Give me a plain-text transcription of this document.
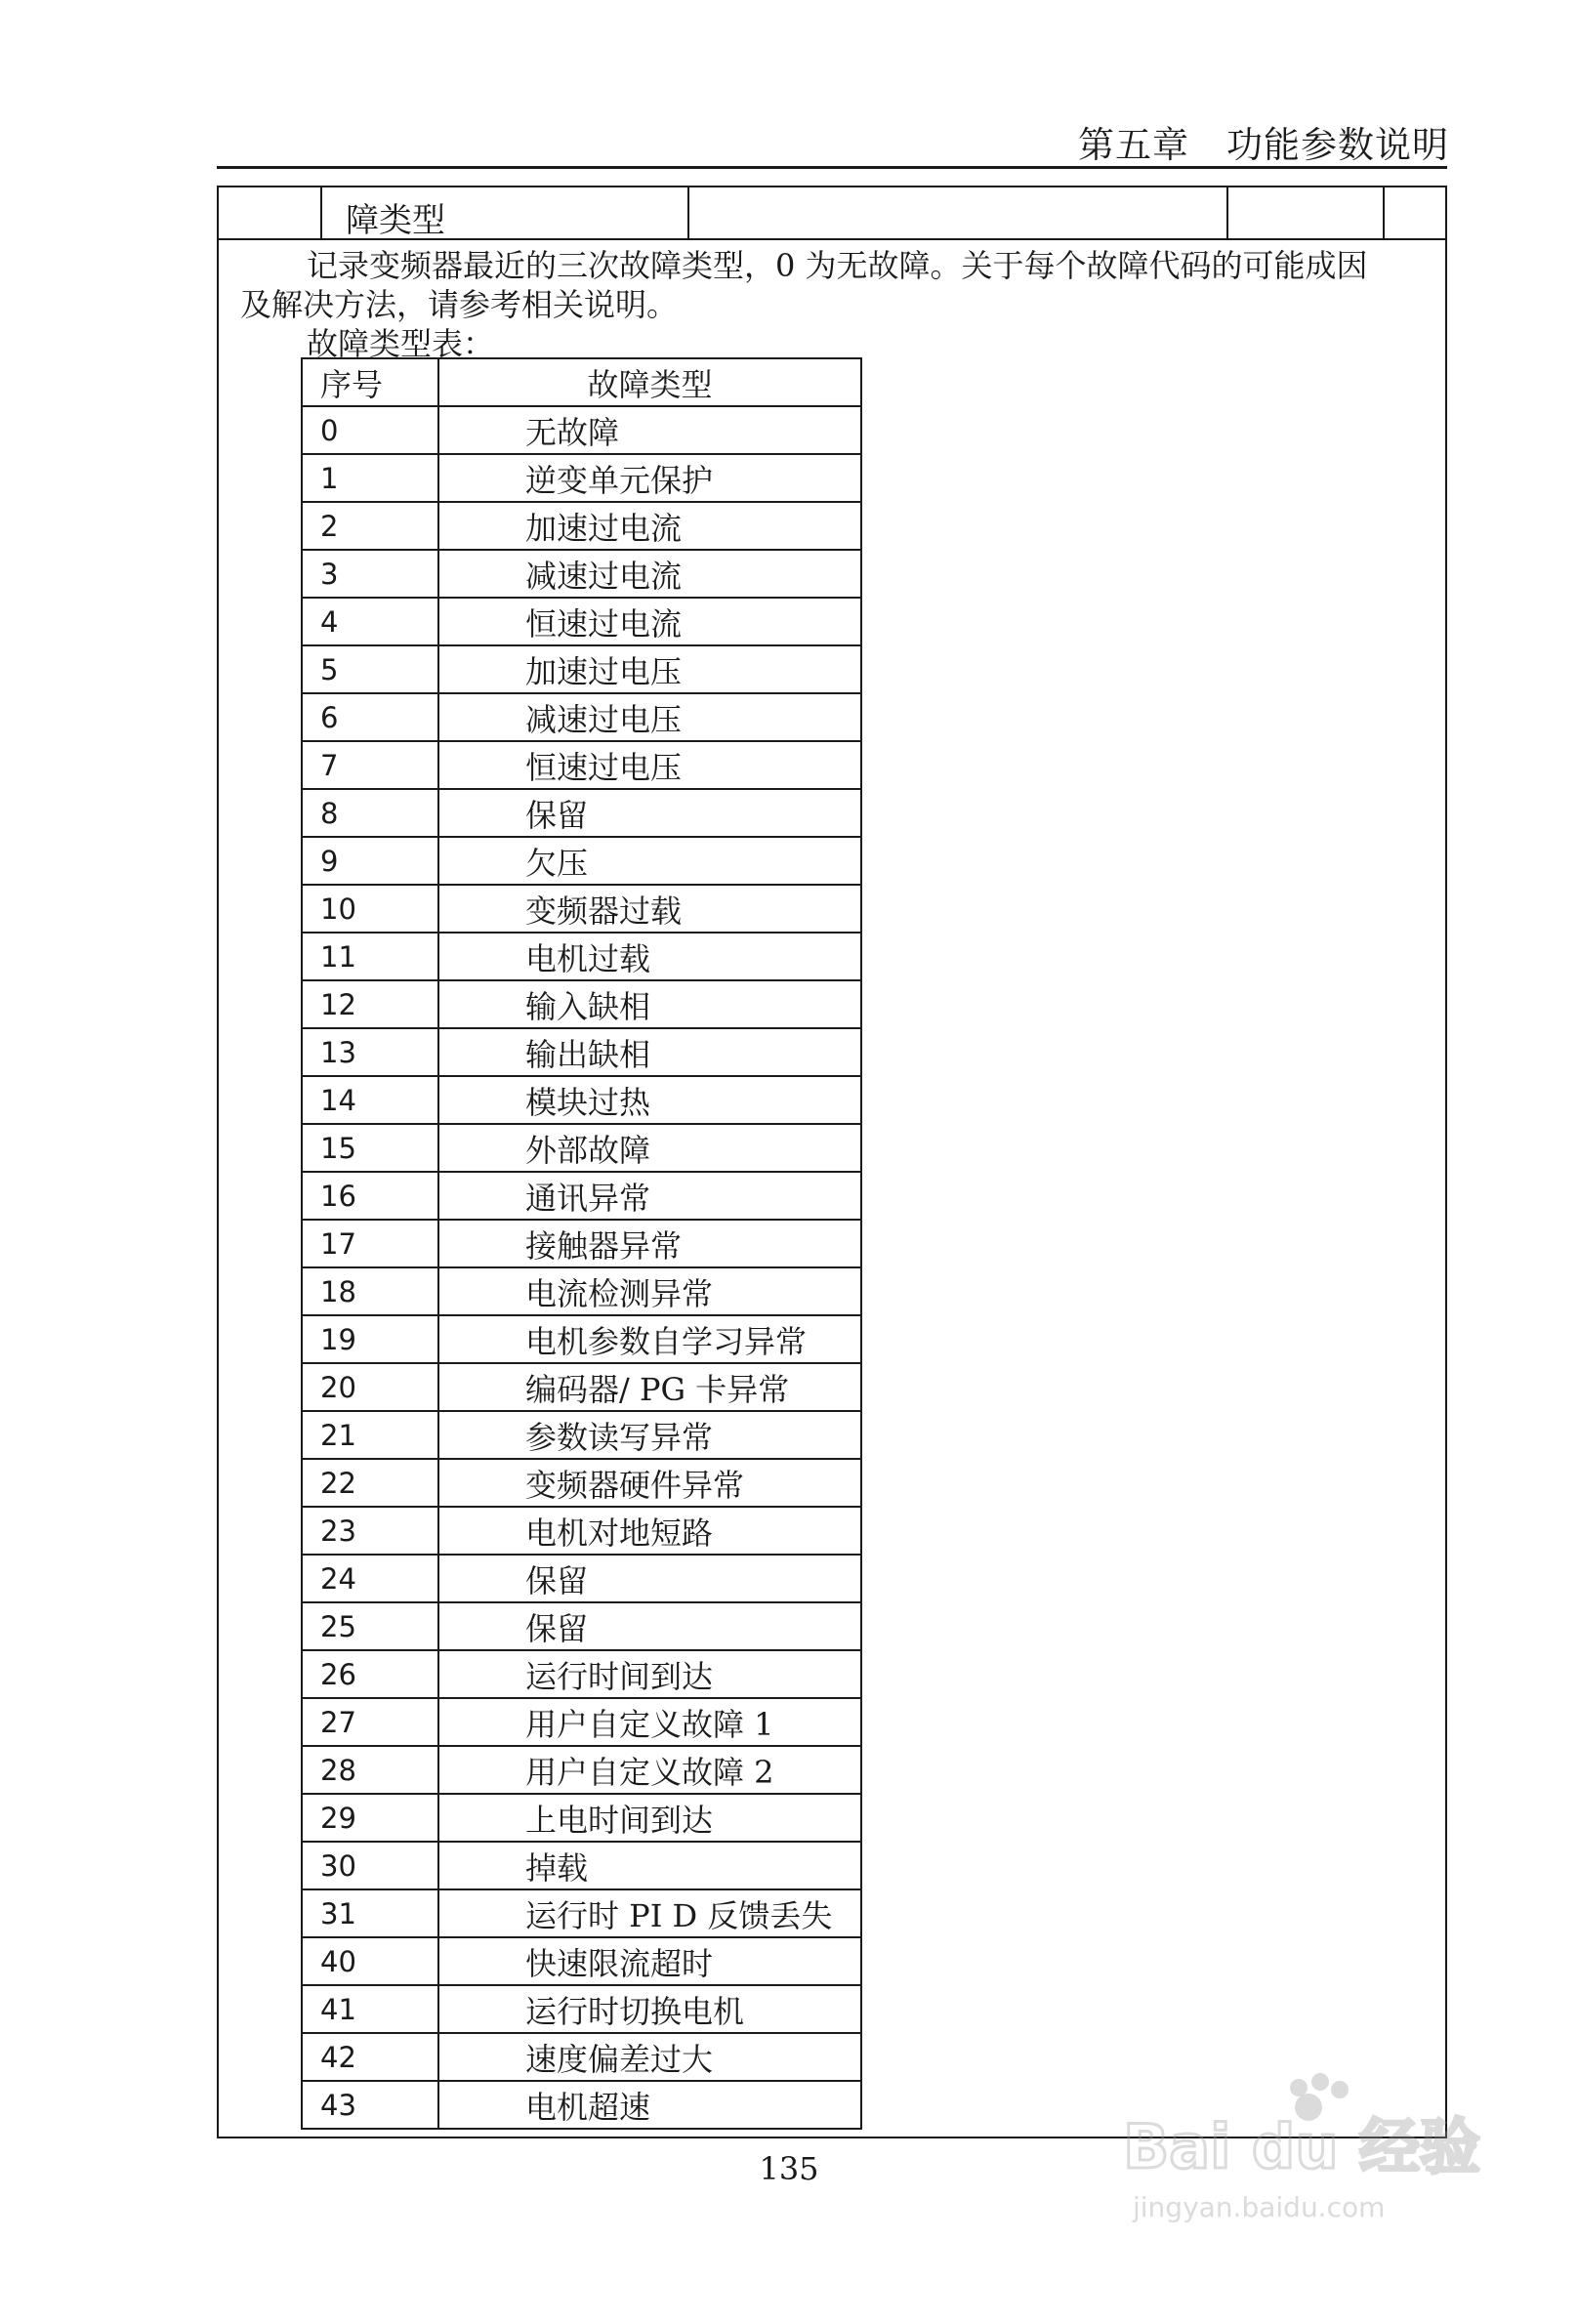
第五章　功能参数说明
障类型
记录变频器最近的三次故障类型，0 为无故障。关于每个故障代码的可能成因
及解决方法，请参考相关说明。
故障类型表：
序号	故障类型
0	无故障
1	逆变单元保护
2	加速过电流
3	减速过电流
4	恒速过电流
5	加速过电压
6	减速过电压
7	恒速过电压
8	保留
9	欠压
10	变频器过载
11	电机过载
12	输入缺相
13	输出缺相
14	模块过热
15	外部故障
16	通讯异常
17	接触器异常
18	电流检测异常
19	电机参数自学习异常
20	编码器/ PG 卡异常
21	参数读写异常
22	变频器硬件异常
23	电机对地短路
24	保留
25	保留
26	运行时间到达
27	用户自定义故障 1
28	用户自定义故障 2
29	上电时间到达
30	掉载
31	运行时 PI D 反馈丢失
40	快速限流超时
41	运行时切换电机
42	速度偏差过大
43	电机超速
135	Bai du 经验
jingyan.baidu.com
